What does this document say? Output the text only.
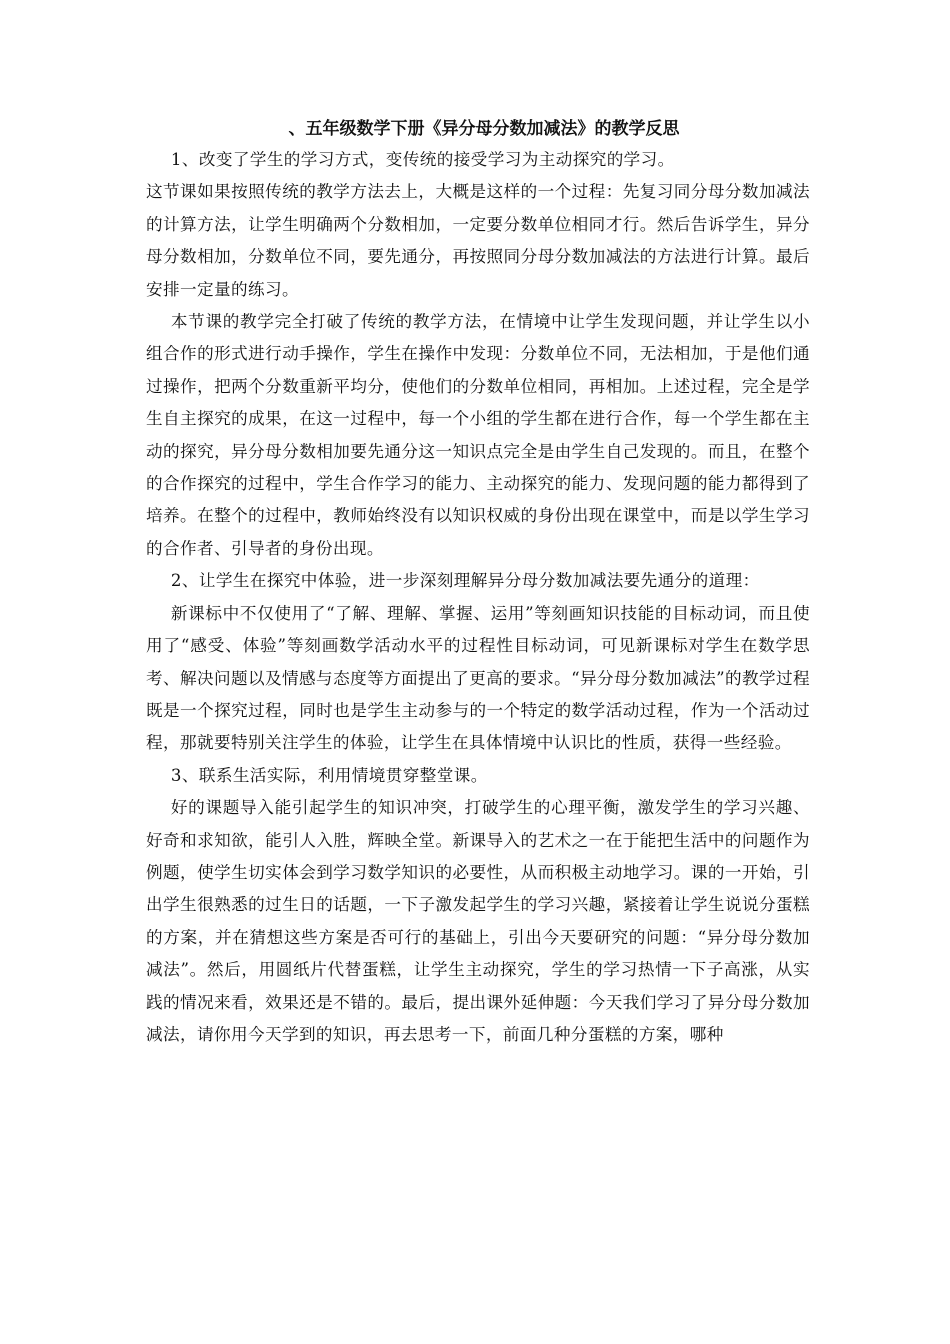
、五年级数学下册《异分母分数加减法》的教学反思

1、改变了学生的学习方式，变传统的接受学习为主动探究的学习。

这节课如果按照传统的教学方法去上，大概是这样的一个过程：先复习同分母分数加减法的计算方法，让学生明确两个分数相加，一定要分数单位相同才行。然后告诉学生，异分母分数相加，分数单位不同，要先通分，再按照同分母分数加减法的方法进行计算。最后安排一定量的练习。

本节课的教学完全打破了传统的教学方法，在情境中让学生发现问题，并让学生以小组合作的形式进行动手操作，学生在操作中发现：分数单位不同，无法相加，于是他们通过操作，把两个分数重新平均分，使他们的分数单位相同，再相加。上述过程，完全是学生自主探究的成果，在这一过程中，每一个小组的学生都在进行合作，每一个学生都在主动的探究，异分母分数相加要先通分这一知识点完全是由学生自己发现的。而且，在整个的合作探究的过程中，学生合作学习的能力、主动探究的能力、发现问题的能力都得到了培养。在整个的过程中，教师始终没有以知识权威的身份出现在课堂中，而是以学生学习的合作者、引导者的身份出现。

2、让学生在探究中体验，进一步深刻理解异分母分数加减法要先通分的道理：

新课标中不仅使用了“了解、理解、掌握、运用”等刻画知识技能的目标动词，而且使用了“感受、体验”等刻画数学活动水平的过程性目标动词，可见新课标对学生在数学思考、解决问题以及情感与态度等方面提出了更高的要求。“异分母分数加减法”的教学过程既是一个探究过程，同时也是学生主动参与的一个特定的数学活动过程，作为一个活动过程，那就要特别关注学生的体验，让学生在具体情境中认识比的性质，获得一些经验。

3、联系生活实际，利用情境贯穿整堂课。

好的课题导入能引起学生的知识冲突，打破学生的心理平衡，激发学生的学习兴趣、好奇和求知欲，能引人入胜，辉映全堂。新课导入的艺术之一在于能把生活中的问题作为例题，使学生切实体会到学习数学知识的必要性，从而积极主动地学习。课的一开始，引出学生很熟悉的过生日的话题，一下子激发起学生的学习兴趣，紧接着让学生说说分蛋糕的方案，并在猜想这些方案是否可行的基础上，引出今天要研究的问题：“异分母分数加减法”。然后，用圆纸片代替蛋糕，让学生主动探究，学生的学习热情一下子高涨，从实践的情况来看，效果还是不错的。最后，提出课外延伸题：今天我们学习了异分母分数加减法，请你用今天学到的知识，再去思考一下，前面几种分蛋糕的方案，哪种
